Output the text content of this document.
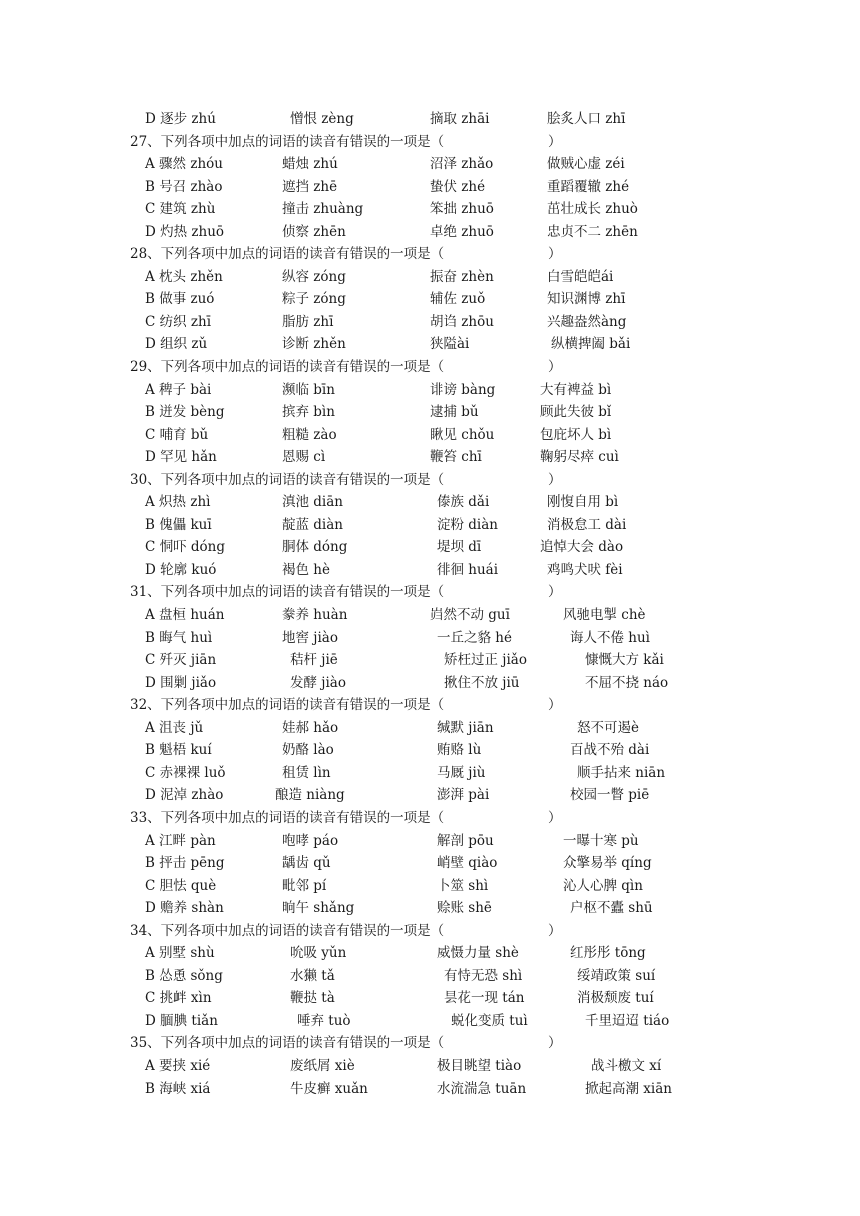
D 逐步 zhú	憎恨 zèng	摘取 zhāi	脍炙人口 zhī
27、下列各项中加点的词语的读音有错误的一项是（	）
A 骤然 zhóu	蜡烛 zhú	沼泽 zhǎo	做贼心虚 zéi
B 号召 zhào	遮挡 zhē	蛰伏 zhé	重蹈覆辙 zhé
C 建筑 zhù	撞击 zhuàng	笨拙 zhuō	茁壮成长 zhuò
D 灼热 zhuō	侦察 zhēn	卓绝 zhuō	忠贞不二 zhēn
28、下列各项中加点的词语的读音有错误的一项是（	）
A 枕头 zhěn	纵容 zóng	振奋 zhèn	白雪皑皑ái
B 做事 zuó	粽子 zóng	辅佐 zuǒ	知识渊博 zhī
C 纺织 zhī	脂肪 zhī	胡诌 zhōu	兴趣盎然àng
D 组织 zǔ	诊断 zhěn	狭隘ài	纵横捭阖 bǎi
29、下列各项中加点的词语的读音有错误的一项是（	）
A 稗子 bài	濒临 bīn	诽谤 bàng	大有裨益 bì
B 迸发 bèng	摈弃 bìn	逮捕 bǔ	顾此失彼 bǐ
C 哺育 bǔ	粗糙 zào	瞅见 chǒu	包庇坏人 bì
D 罕见 hǎn	恩赐 cì	鞭笞 chī	鞠躬尽瘁 cuì
30、下列各项中加点的词语的读音有错误的一项是（	）
A 炽热 zhì	滇池 diān	傣族 dǎi	刚愎自用 bì
B 傀儡 kuī	靛蓝 diàn	淀粉 diàn	消极怠工 dài
C 恫吓 dóng	胴体 dóng	堤坝 dī	追悼大会 dào
D 轮廓 kuó	褐色 hè	徘徊 huái	鸡鸣犬吠 fèi
31、下列各项中加点的词语的读音有错误的一项是（	）
A 盘桓 huán	豢养 huàn	岿然不动 guī	风驰电掣 chè
B 晦气 huì	地窖 jiào	一丘之貉 hé	诲人不倦 huì
C 歼灭 jiān	秸杆 jiē	矫枉过正 jiǎo	慷慨大方 kǎi
D 围剿 jiǎo	发酵 jiào	揪住不放 jiū	不屈不挠 náo
32、下列各项中加点的词语的读音有错误的一项是（	）
A 沮丧 jǔ	娃郝 hǎo	缄默 jiān	怒不可遏è
B 魁梧 kuí	奶酪 lào	贿赂 lù	百战不殆 dài
C 赤裸裸 luǒ	租赁 lìn	马厩 jiù	顺手拈来 niān
D 泥淖 zhào	酿造 niàng	澎湃 pài	校园一瞥 piē
33、下列各项中加点的词语的读音有错误的一项是（	）
A 江畔 pàn	咆哮 páo	解剖 pōu	一曝十寒 pù
B 抨击 pēng	龋齿 qǔ	峭壁 qiào	众擎易举 qíng
C 胆怯 què	毗邻 pí	卜筮 shì	沁人心脾 qìn
D 赡养 shàn	晌午 shǎng	赊账 shē	户枢不蠹 shū
34、下列各项中加点的词语的读音有错误的一项是（	）
A 别墅 shù	吮吸 yǔn	威慑力量 shè	红彤彤 tōng
B 怂恿 sǒng	水獭 tǎ	有恃无恐 shì	绥靖政策 suí
C 挑衅 xìn	鞭挞 tà	昙花一现 tán	消极颓废 tuí
D 腼腆 tiǎn	唾弃 tuò	蜕化变质 tuì	千里迢迢 tiáo
35、下列各项中加点的词语的读音有错误的一项是（	）
A 要挟 xié	废纸屑 xiè	极目眺望 tiào	战斗檄文 xí
B 海峡 xiá	牛皮癣 xuǎn	水流湍急 tuān	掀起高潮 xiān
